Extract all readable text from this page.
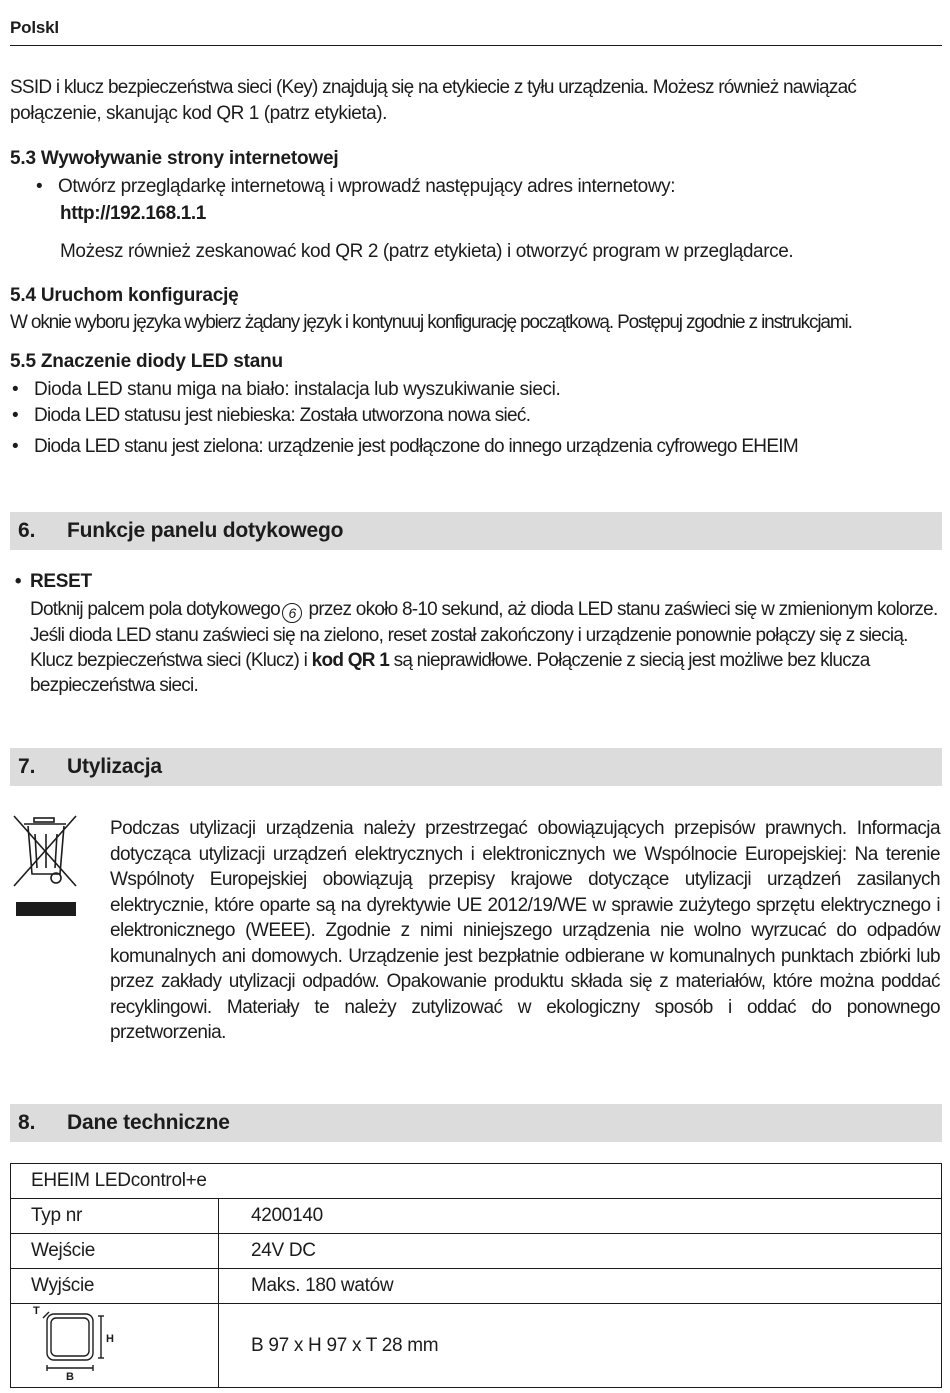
Polskl
SSID i klucz bezpieczeństwa sieci (Key) znajdują się na etykiecie z tyłu urządzenia. Możesz również nawiązać
połączenie, skanując kod QR 1 (patrz etykieta).
5.3 Wywoływanie strony internetowej
• Otwórz przeglądarkę internetową i wprowadź następujący adres internetowy:
http://192.168.1.1
Możesz również zeskanować kod QR 2 (patrz etykieta) i otworzyć program w przeglądarce.
5.4 Uruchom konfigurację
W oknie wyboru języka wybierz żądany język i kontynuuj konfigurację początkową. Postępuj zgodnie z instrukcjami.
5.5 Znaczenie diody LED stanu
• Dioda LED stanu miga na biało: instalacja lub wyszukiwanie sieci.
• Dioda LED statusu jest niebieska: Została utworzona nowa sieć.
• Dioda LED stanu jest zielona: urządzenie jest podłączone do innego urządzenia cyfrowego EHEIM
6. Funkcje panelu dotykowego
• RESET
Dotknij palcem pola dotykowego 6 przez około 8-10 sekund, aż dioda LED stanu zaświeci się w zmienionym kolorze. Jeśli dioda LED stanu zaświeci się na zielono, reset został zakończony i urządzenie ponownie połączy się z siecią. Klucz bezpieczeństwa sieci (Klucz) i kod QR 1 są nieprawidłowe. Połączenie z siecią jest możliwe bez klucza bezpieczeństwa sieci.
7. Utylizacja
Podczas utylizacji urządzenia należy przestrzegać obowiązujących przepisów prawnych. Informacja dotycząca utylizacji urządzeń elektrycznych i elektronicznych we Wspólnocie Europejskiej: Na terenie Wspólnoty Europejskiej obowiązują przepisy krajowe dotyczące utylizacji urządzeń zasilanych elektrycznie, które oparte są na dyrektywie UE 2012/19/WE w sprawie zużytego sprzętu elektrycznego i elektronicznego (WEEE). Zgodnie z nimi niniejszego urządzenia nie wolno wyrzucać do odpadów komunalnych ani domowych. Urządzenie jest bezpłatnie odbierane w komunalnych punktach zbiórki lub przez zakłady utylizacji odpadów. Opakowanie produktu składa się z materiałów, które można poddać recyklingowi. Materiały te należy zutylizować w ekologiczny sposób i oddać do ponownego przetworzenia.
8. Dane techniczne
EHEIM LEDcontrol+e	
Typ nr	4200140
Wejście	24V DC
Wyjście	Maks. 180 watów

T
H
B	B 97 x H 97 x T 28 mm
